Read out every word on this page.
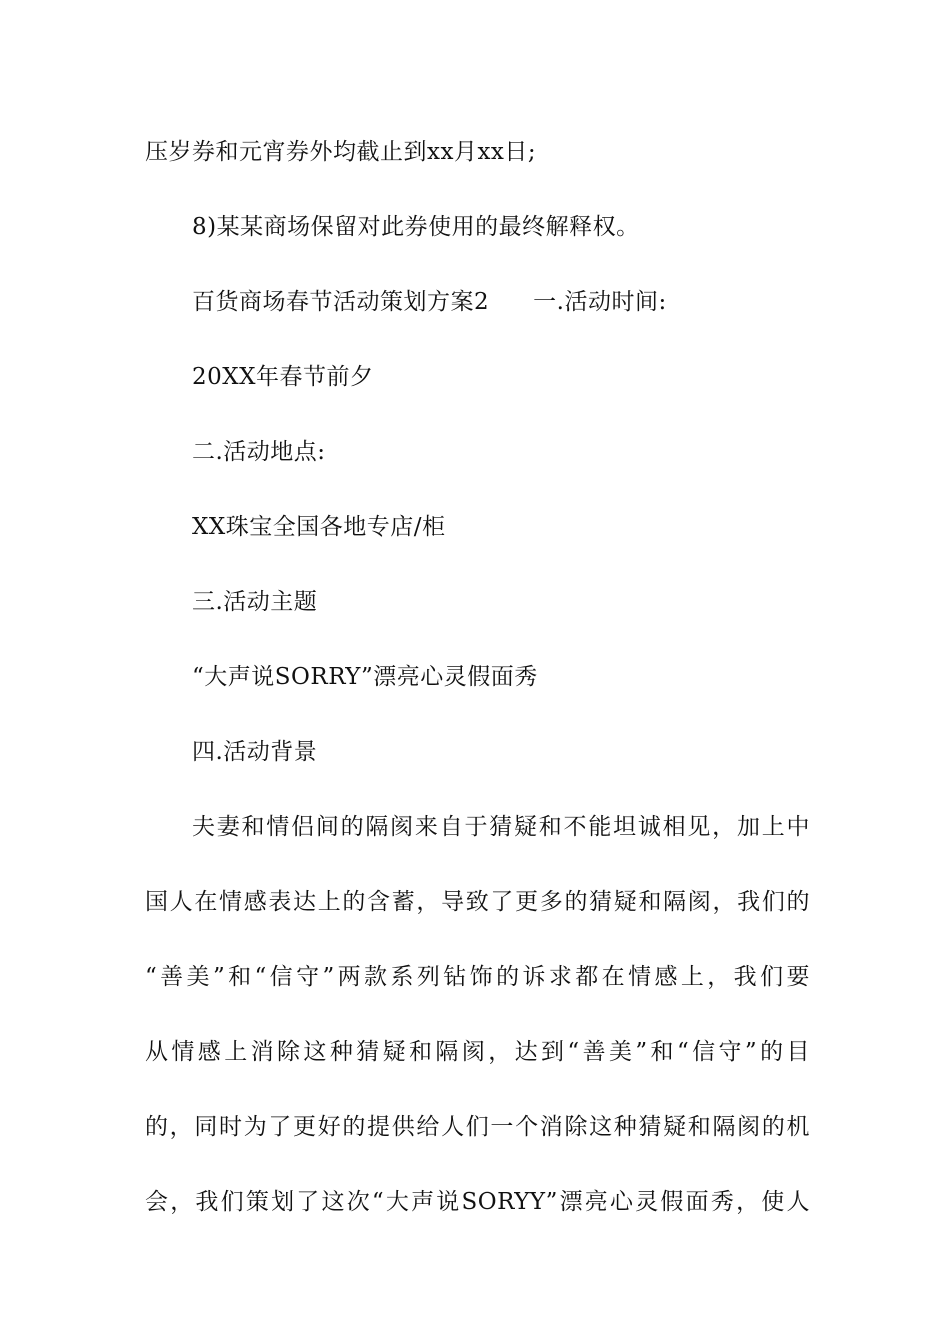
压岁券和元宵券外均截止到xx月xx日;
8)某某商场保留对此券使用的最终解释权。
百货商场春节活动策划方案2 一.活动时间:
20XX年春节前夕
二.活动地点:
XX珠宝全国各地专店/柜
三.活动主题
“大声说SORRY”漂亮心灵假面秀
四.活动背景
夫妻和情侣间的隔阂来自于猜疑和不能坦诚相见，加上中
国人在情感表达上的含蓄，导致了更多的猜疑和隔阂，我们的
“善美”和“信守”两款系列钻饰的诉求都在情感上，我们要
从情感上消除这种猜疑和隔阂，达到“善美”和“信守”的目
的，同时为了更好的提供给人们一个消除这种猜疑和隔阂的机
会，我们策划了这次“大声说SORYY”漂亮心灵假面秀，使人
